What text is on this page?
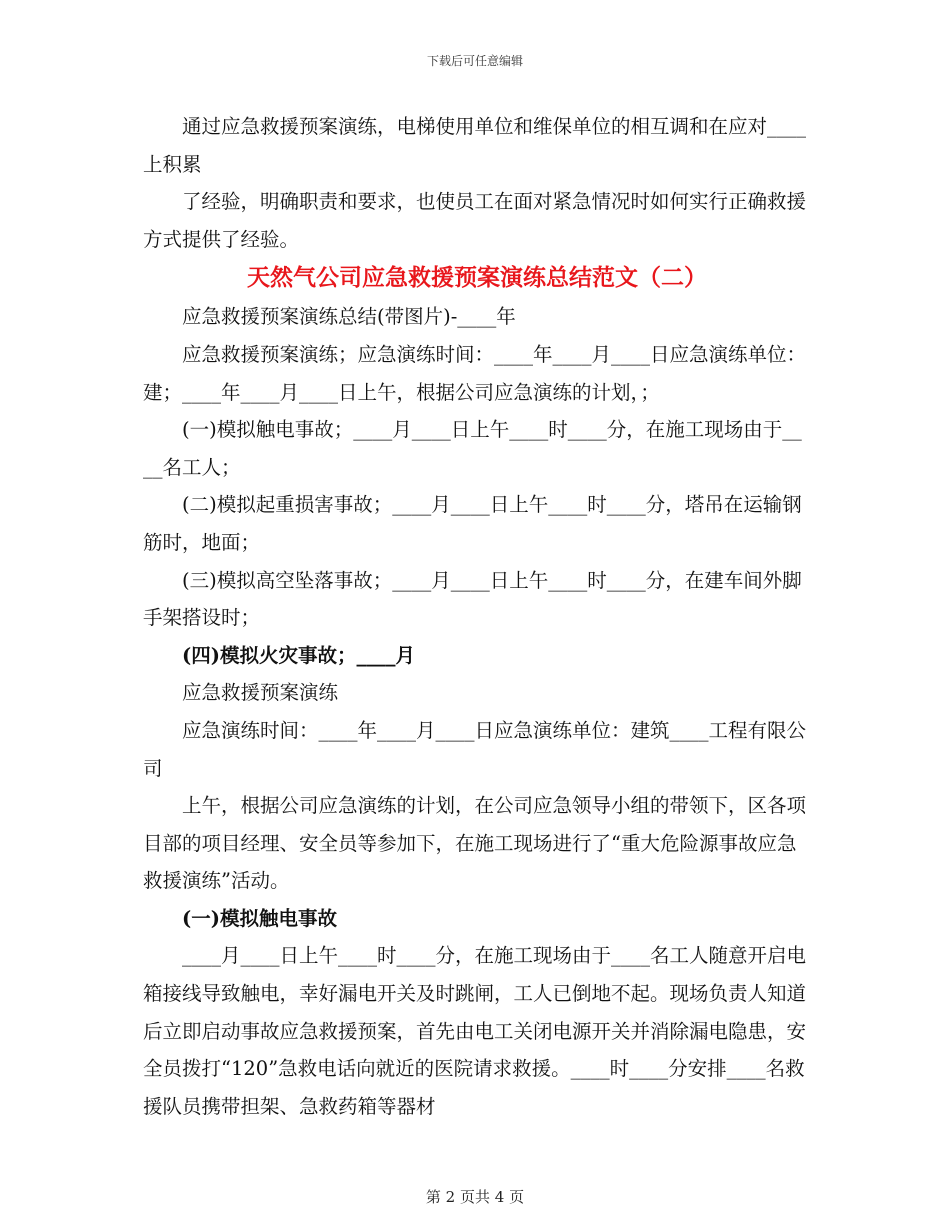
下载后可任意编辑

通过应急救援预案演练，电梯使用单位和维保单位的相互调和在应对____上积累

了经验，明确职责和要求，也使员工在面对紧急情况时如何实行正确救援方式提供了经验。

天然气公司应急救援预案演练总结范文（二）

应急救援预案演练总结(带图片)-____年

应急救援预案演练；应急演练时间：____年____月____日应急演练单位：建；____年____月____日上午，根据公司应急演练的计划，；

(一)模拟触电事故；____月____日上午____时____分，在施工现场由于____名工人；

(二)模拟起重损害事故；____月____日上午____时____分，塔吊在运输钢筋时，地面；

(三)模拟高空坠落事故；____月____日上午____时____分，在建车间外脚手架搭设时；

(四)模拟火灾事故；____月

应急救援预案演练

应急演练时间：____年____月____日应急演练单位：建筑____工程有限公司

上午，根据公司应急演练的计划，在公司应急领导小组的带领下，区各项目部的项目经理、安全员等参加下，在施工现场进行了“重大危险源事故应急救援演练”活动。

(一)模拟触电事故

____月____日上午____时____分，在施工现场由于____名工人随意开启电箱接线导致触电，幸好漏电开关及时跳闸，工人已倒地不起。现场负责人知道后立即启动事故应急救援预案，首先由电工关闭电源开关并消除漏电隐患，安全员拨打“120”急救电话向就近的医院请求救援。____时____分安排____名救援队员携带担架、急救药箱等器材

第 2 页共 4 页
